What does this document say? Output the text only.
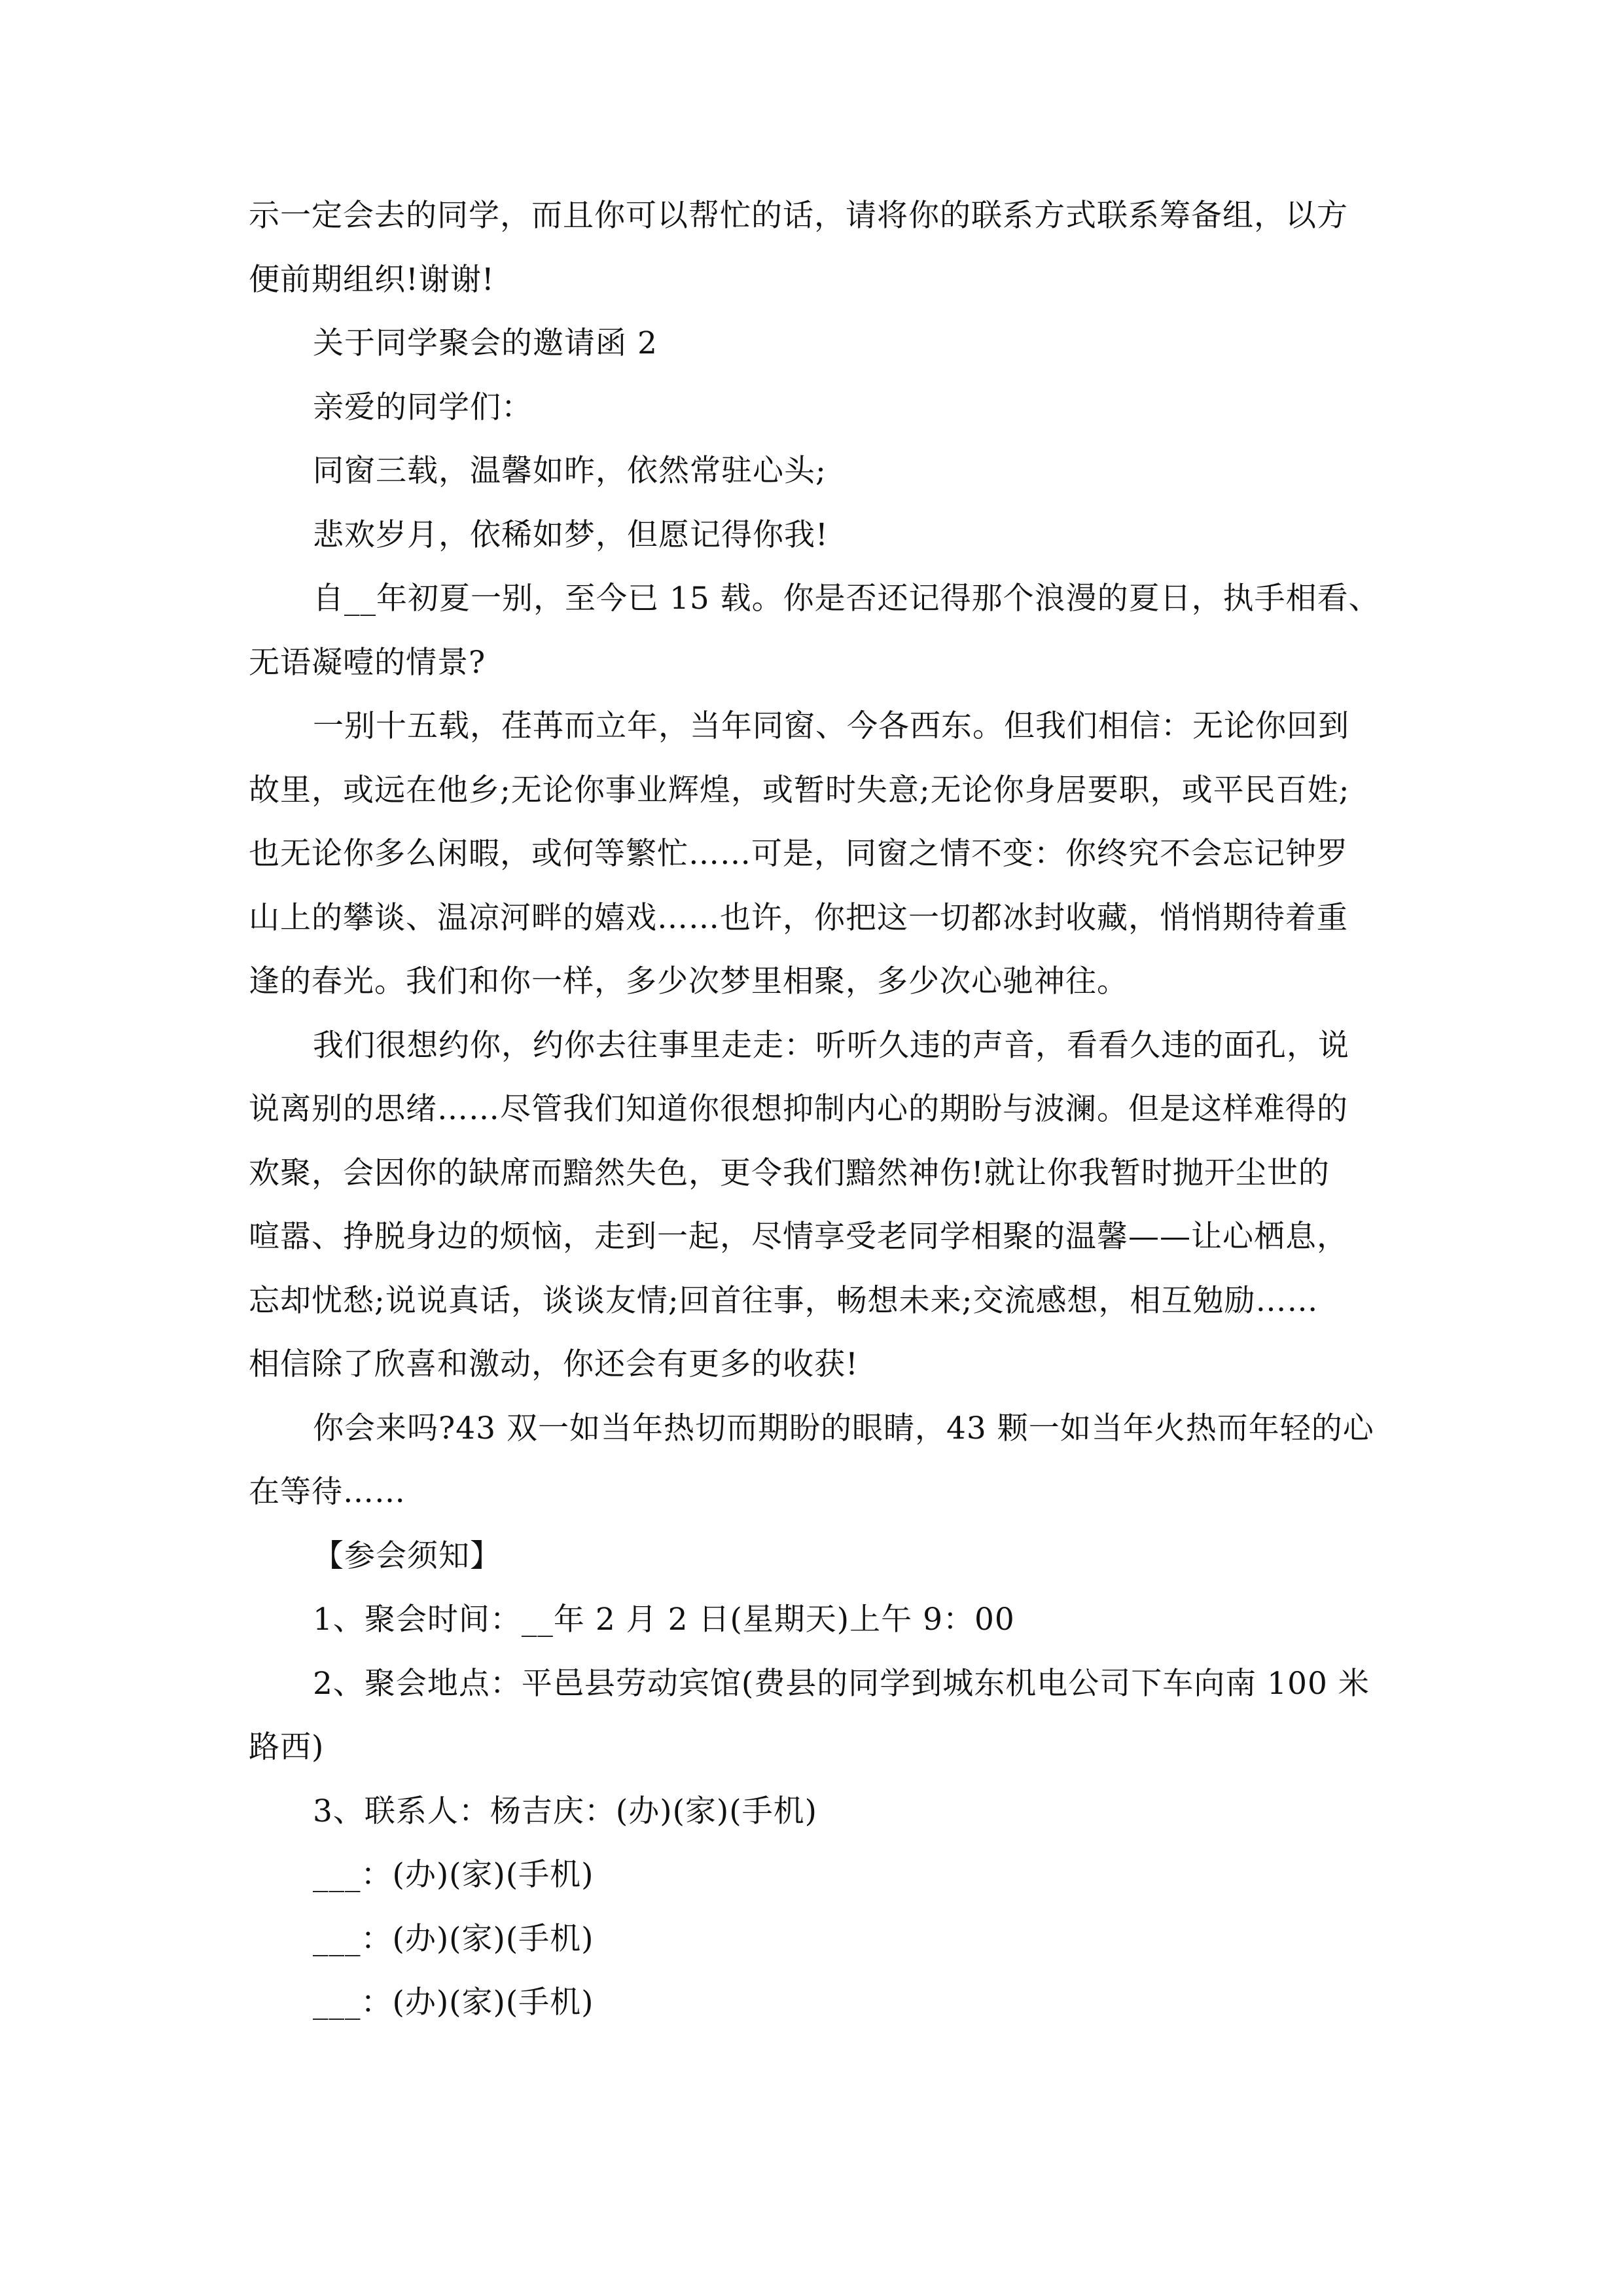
示一定会去的同学，而且你可以帮忙的话，请将你的联系方式联系筹备组，以方
便前期组织!谢谢!
关于同学聚会的邀请函 2
亲爱的同学们：
同窗三载，温馨如昨，依然常驻心头;
悲欢岁月，依稀如梦，但愿记得你我!
自__年初夏一别，至今已 15 载。你是否还记得那个浪漫的夏日，执手相看、
无语凝噎的情景?
一别十五载，荏苒而立年，当年同窗、今各西东。但我们相信：无论你回到
故里，或远在他乡;无论你事业辉煌，或暂时失意;无论你身居要职，或平民百姓;
也无论你多么闲暇，或何等繁忙……可是，同窗之情不变：你终究不会忘记钟罗
山上的攀谈、温凉河畔的嬉戏……也许，你把这一切都冰封收藏，悄悄期待着重
逢的春光。我们和你一样，多少次梦里相聚，多少次心驰神往。
我们很想约你，约你去往事里走走：听听久违的声音，看看久违的面孔，说
说离别的思绪……尽管我们知道你很想抑制内心的期盼与波澜。但是这样难得的
欢聚，会因你的缺席而黯然失色，更令我们黯然神伤!就让你我暂时抛开尘世的
喧嚣、挣脱身边的烦恼，走到一起，尽情享受老同学相聚的温馨——让心栖息，
忘却忧愁;说说真话，谈谈友情;回首往事，畅想未来;交流感想，相互勉励……
相信除了欣喜和激动，你还会有更多的收获!
你会来吗?43 双一如当年热切而期盼的眼睛，43 颗一如当年火热而年轻的心
在等待……
【参会须知】
1、聚会时间：__年 2 月 2 日(星期天)上午 9：00
2、聚会地点：平邑县劳动宾馆(费县的同学到城东机电公司下车向南 100 米
路西)
3、联系人：杨吉庆：(办)(家)(手机)
___：(办)(家)(手机)
___：(办)(家)(手机)
___：(办)(家)(手机)
